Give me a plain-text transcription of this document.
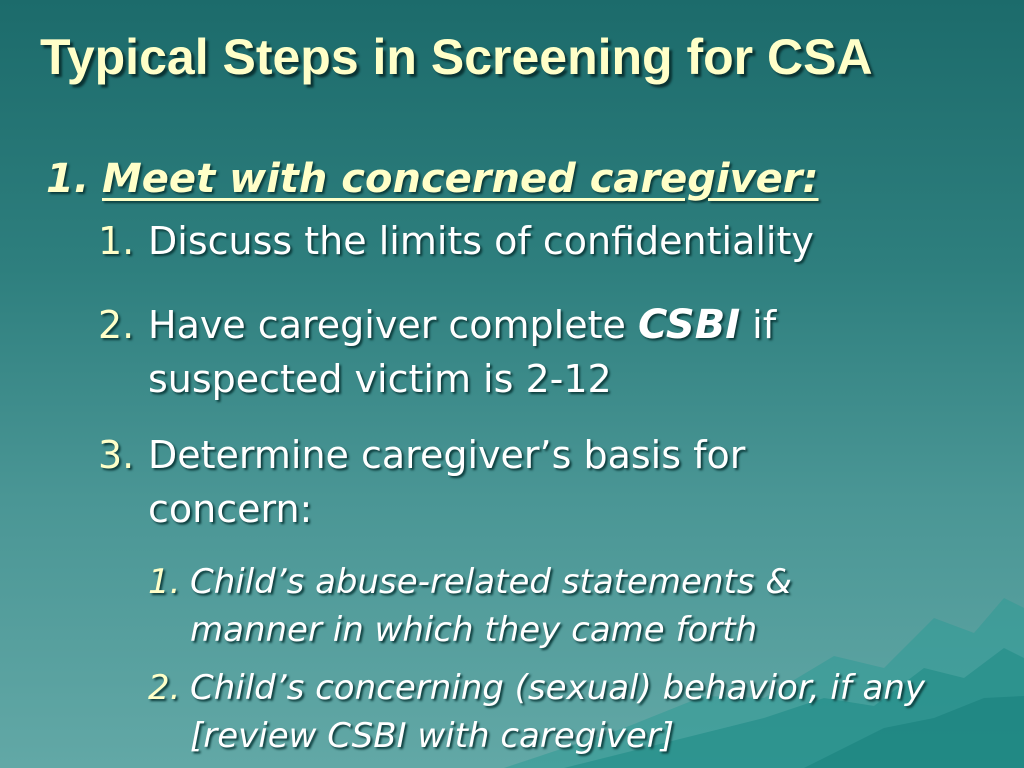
Typical Steps in Screening for CSA
1. Meet with concerned caregiver:
1. Discuss the limits of confidentiality
2. Have caregiver complete CSBI if suspected victim is 2-12
3. Determine caregiver’s basis for concern:
1. Child’s abuse-related statements & manner in which they came forth
2. Child’s concerning (sexual) behavior, if any [review CSBI with caregiver]
